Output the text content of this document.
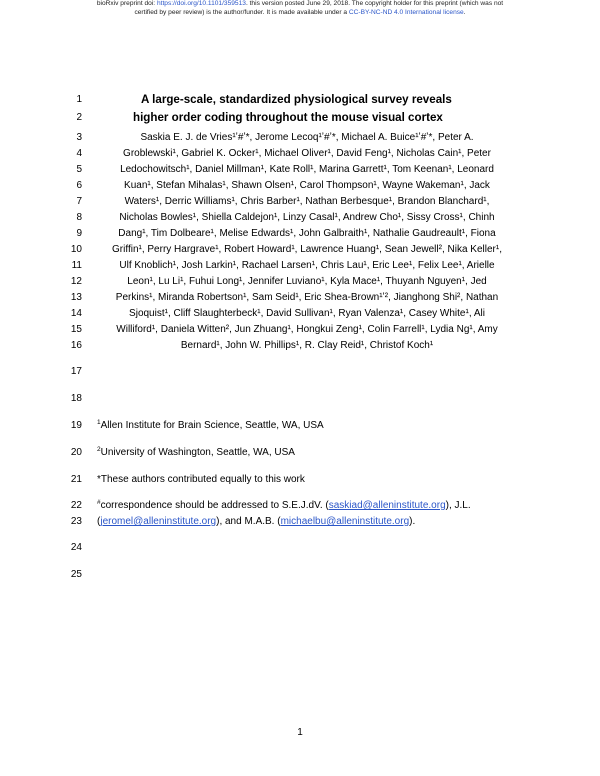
bioRxiv preprint doi: https://doi.org/10.1101/359513. this version posted June 29, 2018. The copyright holder for this preprint (which was not
certified by peer review) is the author/funder. It is made available under a CC-BY-NC-ND 4.0 International license.
1
2
3
4
5
6
7
8
9
10
11
12
13
14
15
16
17
18
19
20
21
22
23
24
25
A large-scale, standardized physiological survey reveals
higher order coding throughout the mouse visual cortex
Saskia E. J. de Vries¹ʼ#ʼ*, Jerome Lecoq¹ʼ#ʼ*, Michael A. Buice¹ʼ#ʼ*, Peter A.
Groblewski¹, Gabriel K. Ocker¹, Michael Oliver¹, David Feng¹, Nicholas Cain¹, Peter
Ledochowitsch¹, Daniel Millman¹, Kate Roll¹, Marina Garrett¹, Tom Keenan¹, Leonard
Kuan¹, Stefan Mihalas¹, Shawn Olsen¹, Carol Thompson¹, Wayne Wakeman¹, Jack
Waters¹, Derric Williams¹, Chris Barber¹, Nathan Berbesque¹, Brandon Blanchard¹,
Nicholas Bowles¹, Shiella Caldejon¹, Linzy Casal¹, Andrew Cho¹, Sissy Cross¹, Chinh
Dang¹, Tim Dolbeare¹, Melise Edwards¹, John Galbraith¹, Nathalie Gaudreault¹, Fiona
Griffin¹, Perry Hargrave¹, Robert Howard¹, Lawrence Huang¹, Sean Jewell², Nika Keller¹,
Ulf Knoblich¹, Josh Larkin¹, Rachael Larsen¹, Chris Lau¹, Eric Lee¹, Felix Lee¹, Arielle
Leon¹, Lu Li¹, Fuhui Long¹, Jennifer Luviano¹, Kyla Mace¹, Thuyanh Nguyen¹, Jed
Perkins¹, Miranda Robertson¹, Sam Seid¹, Eric Shea-Brown¹ʼ², Jianghong Shi², Nathan
Sjoquist¹, Cliff Slaughterbeck¹, David Sullivan¹, Ryan Valenza¹, Casey White¹, Ali
Williford¹, Daniela Witten², Jun Zhuang¹, Hongkui Zeng¹, Colin Farrell¹, Lydia Ng¹, Amy
Bernard¹, John W. Phillips¹, R. Clay Reid¹, Christof Koch¹
$^1$Allen Institute for Brain Science, Seattle, WA, USA
$^2$University of Washington, Seattle, WA, USA
*These authors contributed equally to this work
#correspondence should be addressed to S.E.J.dV. (saskiad@alleninstitute.org), J.L.
(jeromel@alleninstitute.org), and M.A.B. (michaelbu@alleninstitute.org).
1
